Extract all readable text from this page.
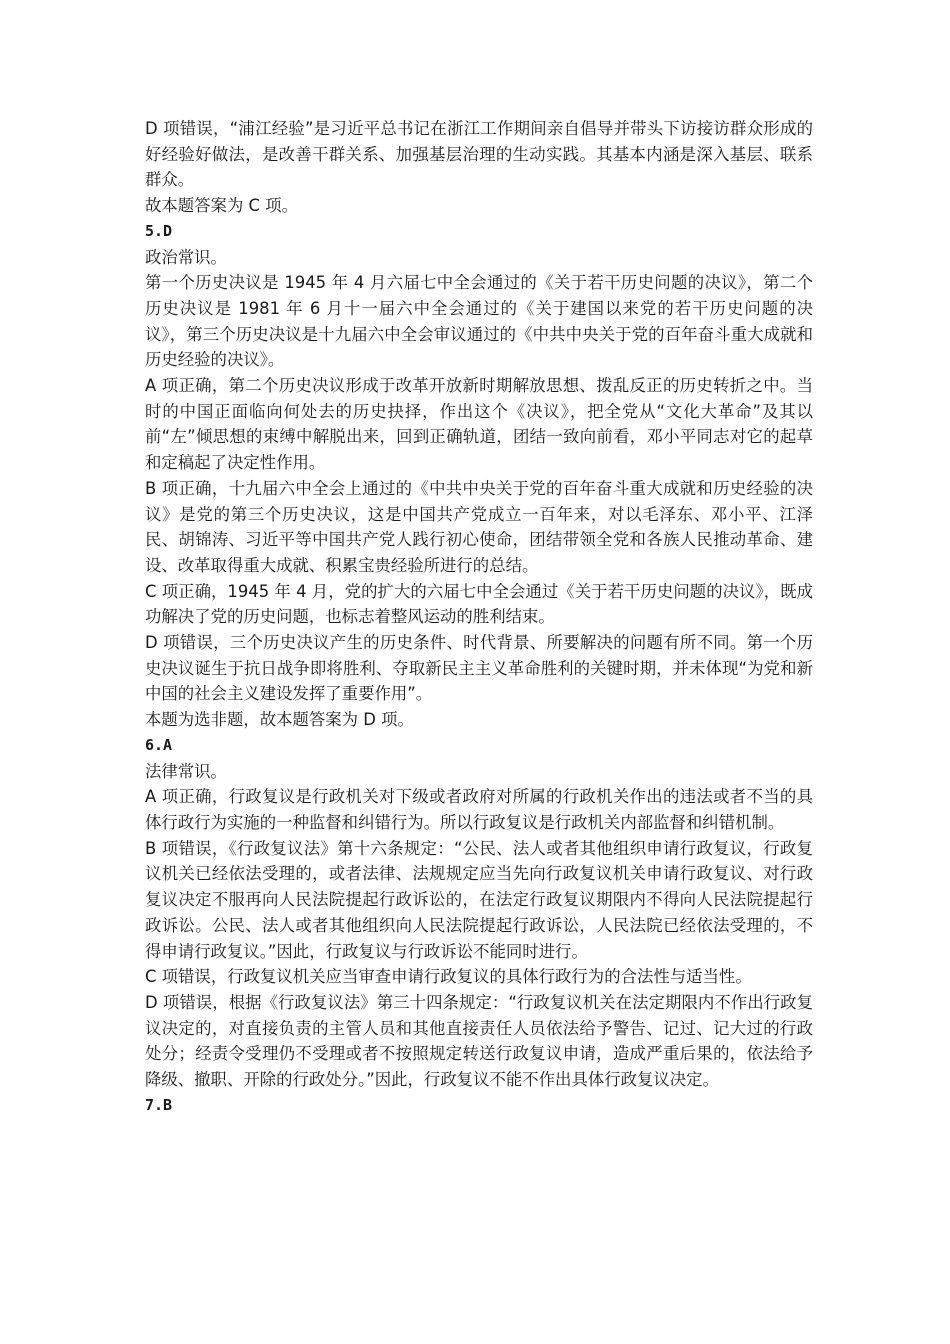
D 项错误，“浦江经验”是习近平总书记在浙江工作期间亲自倡导并带头下访接访群众形成的好经验好做法，是改善干群关系、加强基层治理的生动实践。其基本内涵是深入基层、联系群众。

故本题答案为 C 项。

5.D

政治常识。

第一个历史决议是 1945 年 4 月六届七中全会通过的《关于若干历史问题的决议》，第二个历史决议是 1981 年 6 月十一届六中全会通过的《关于建国以来党的若干历史问题的决议》，第三个历史决议是十九届六中全会审议通过的《中共中央关于党的百年奋斗重大成就和历史经验的决议》。

A 项正确，第二个历史决议形成于改革开放新时期解放思想、拨乱反正的历史转折之中。当时的中国正面临向何处去的历史抉择，作出这个《决议》，把全党从“文化大革命”及其以前“左”倾思想的束缚中解脱出来，回到正确轨道，团结一致向前看，邓小平同志对它的起草和定稿起了决定性作用。

B 项正确，十九届六中全会上通过的《中共中央关于党的百年奋斗重大成就和历史经验的决议》是党的第三个历史决议，这是中国共产党成立一百年来，对以毛泽东、邓小平、江泽民、胡锦涛、习近平等中国共产党人践行初心使命，团结带领全党和各族人民推动革命、建设、改革取得重大成就、积累宝贵经验所进行的总结。

C 项正确，1945 年 4 月，党的扩大的六届七中全会通过《关于若干历史问题的决议》，既成功解决了党的历史问题，也标志着整风运动的胜利结束。

D 项错误，三个历史决议产生的历史条件、时代背景、所要解决的问题有所不同。第一个历史决议诞生于抗日战争即将胜利、夺取新民主主义革命胜利的关键时期，并未体现“为党和新中国的社会主义建设发挥了重要作用”。

本题为选非题，故本题答案为 D 项。

6.A

法律常识。

A 项正确，行政复议是行政机关对下级或者政府对所属的行政机关作出的违法或者不当的具体行政行为实施的一种监督和纠错行为。所以行政复议是行政机关内部监督和纠错机制。

B 项错误，《行政复议法》第十六条规定：“公民、法人或者其他组织申请行政复议，行政复议机关已经依法受理的，或者法律、法规规定应当先向行政复议机关申请行政复议、对行政复议决定不服再向人民法院提起行政诉讼的，在法定行政复议期限内不得向人民法院提起行政诉讼。公民、法人或者其他组织向人民法院提起行政诉讼，人民法院已经依法受理的，不得申请行政复议。”因此，行政复议与行政诉讼不能同时进行。

C 项错误，行政复议机关应当审查申请行政复议的具体行政行为的合法性与适当性。

D 项错误，根据《行政复议法》第三十四条规定：“行政复议机关在法定期限内不作出行政复议决定的，对直接负责的主管人员和其他直接责任人员依法给予警告、记过、记大过的行政处分；经责令受理仍不受理或者不按照规定转送行政复议申请，造成严重后果的，依法给予降级、撤职、开除的行政处分。”因此，行政复议不能不作出具体行政复议决定。

7.B
